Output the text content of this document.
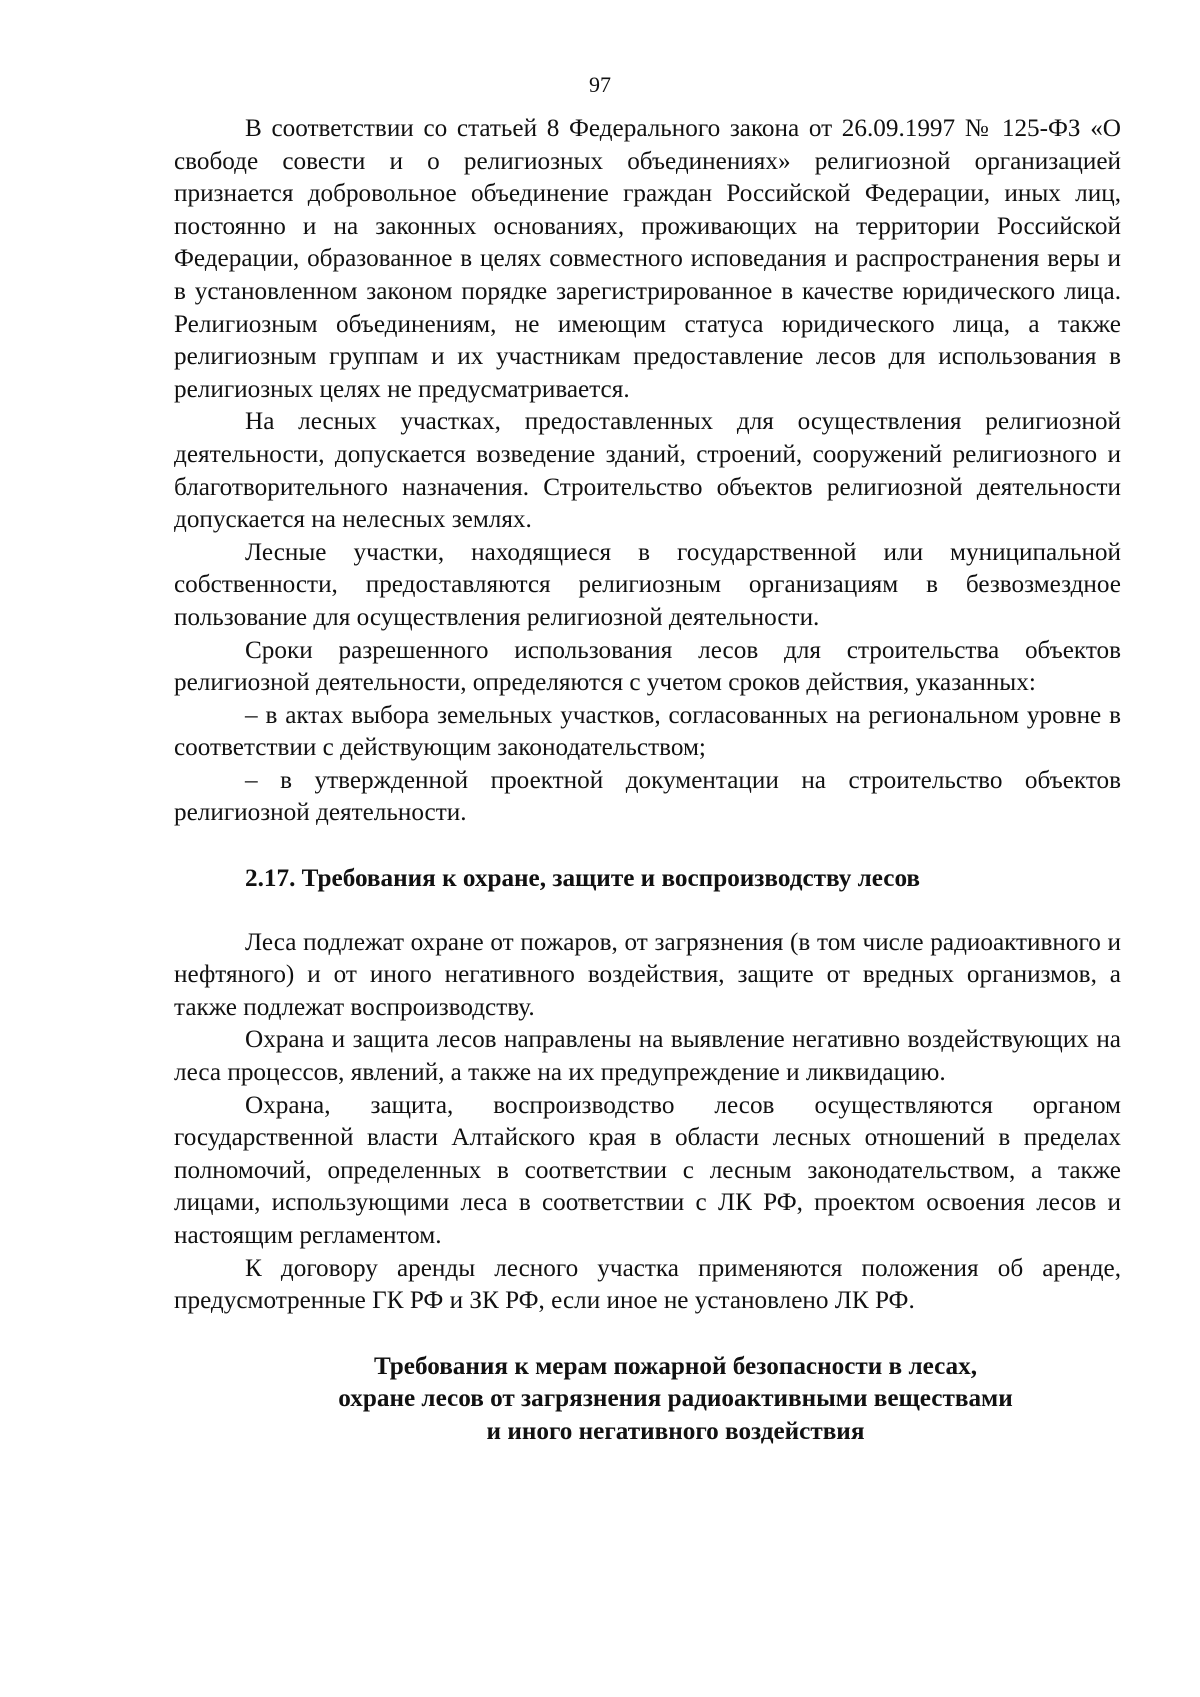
97

В соответствии со статьей 8 Федерального закона от 26.09.1997 № 125-ФЗ «О свободе совести и о религиозных объединениях» религиозной организацией признается добровольное объединение граждан Российской Федерации, иных лиц, постоянно и на законных основаниях, проживающих на территории Российской Федерации, образованное в целях совместного исповедания и распространения веры и в установленном законом порядке зарегистрированное в качестве юридического лица. Религиозным объединениям, не имеющим статуса юридического лица, а также религиозным группам и их участникам предоставление лесов для использования в религиозных целях не предусматривается.

На лесных участках, предоставленных для осуществления религиозной деятельности, допускается возведение зданий, строений, сооружений религиозного и благотворительного назначения. Строительство объектов религиозной деятельности допускается на нелесных землях.

Лесные участки, находящиеся в государственной или муниципальной собственности, предоставляются религиозным организациям в безвозмездное пользование для осуществления религиозной деятельности.

Сроки разрешенного использования лесов для строительства объектов религиозной деятельности, определяются с учетом сроков действия, указанных:

– в актах выбора земельных участков, согласованных на региональном уровне в соответствии с действующим законодательством;

– в утвержденной проектной документации на строительство объектов религиозной деятельности.

2.17. Требования к охране, защите и воспроизводству лесов

Леса подлежат охране от пожаров, от загрязнения (в том числе радиоактивного и нефтяного) и от иного негативного воздействия, защите от вредных организмов, а также подлежат воспроизводству.

Охрана и защита лесов направлены на выявление негативно воздействующих на леса процессов, явлений, а также на их предупреждение и ликвидацию.

Охрана, защита, воспроизводство лесов осуществляются органом государственной власти Алтайского края в области лесных отношений в пределах полномочий, определенных в соответствии с лесным законодательством, а также лицами, использующими леса в соответствии с ЛК РФ, проектом освоения лесов и настоящим регламентом.

К договору аренды лесного участка применяются положения об аренде, предусмотренные ГК РФ и ЗК РФ, если иное не установлено ЛК РФ.

Требования к мерам пожарной безопасности в лесах,
охране лесов от загрязнения радиоактивными веществами
и иного негативного воздействия
